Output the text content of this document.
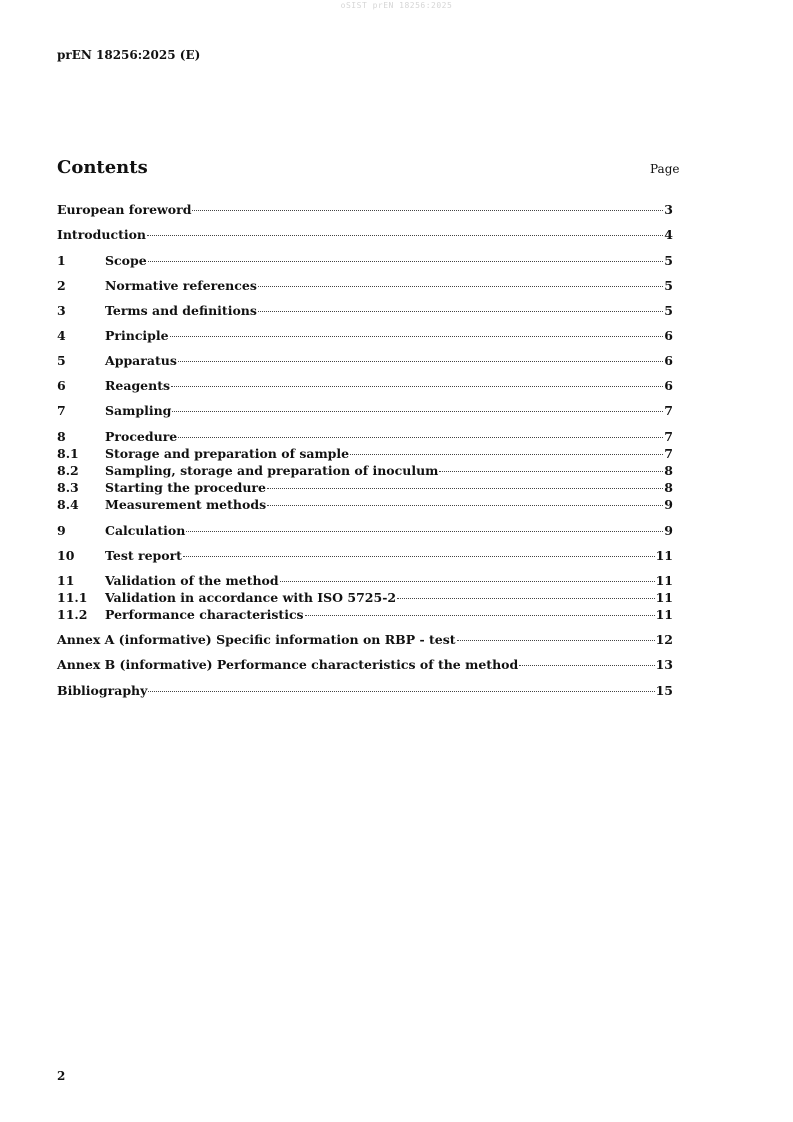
oSIST prEN 18256:2025
prEN 18256:2025 (E)
Contents	Page
European foreword	3
Introduction	4
1	Scope	5
2	Normative references	5
3	Terms and definitions	5
4	Principle	6
5	Apparatus	6
6	Reagents	6
7	Sampling	7
8	Procedure	7
8.1	Storage and preparation of sample	7
8.2	Sampling, storage and preparation of inoculum	8
8.3	Starting the procedure	8
8.4	Measurement methods	9
9	Calculation	9
10	Test report	11
11	Validation of the method	11
11.1	Validation in accordance with ISO 5725-2	11
11.2	Performance characteristics	11
Annex A (informative) Specific information on RBP - test	12
Annex B (informative) Performance characteristics of the method	13
Bibliography	15
2
